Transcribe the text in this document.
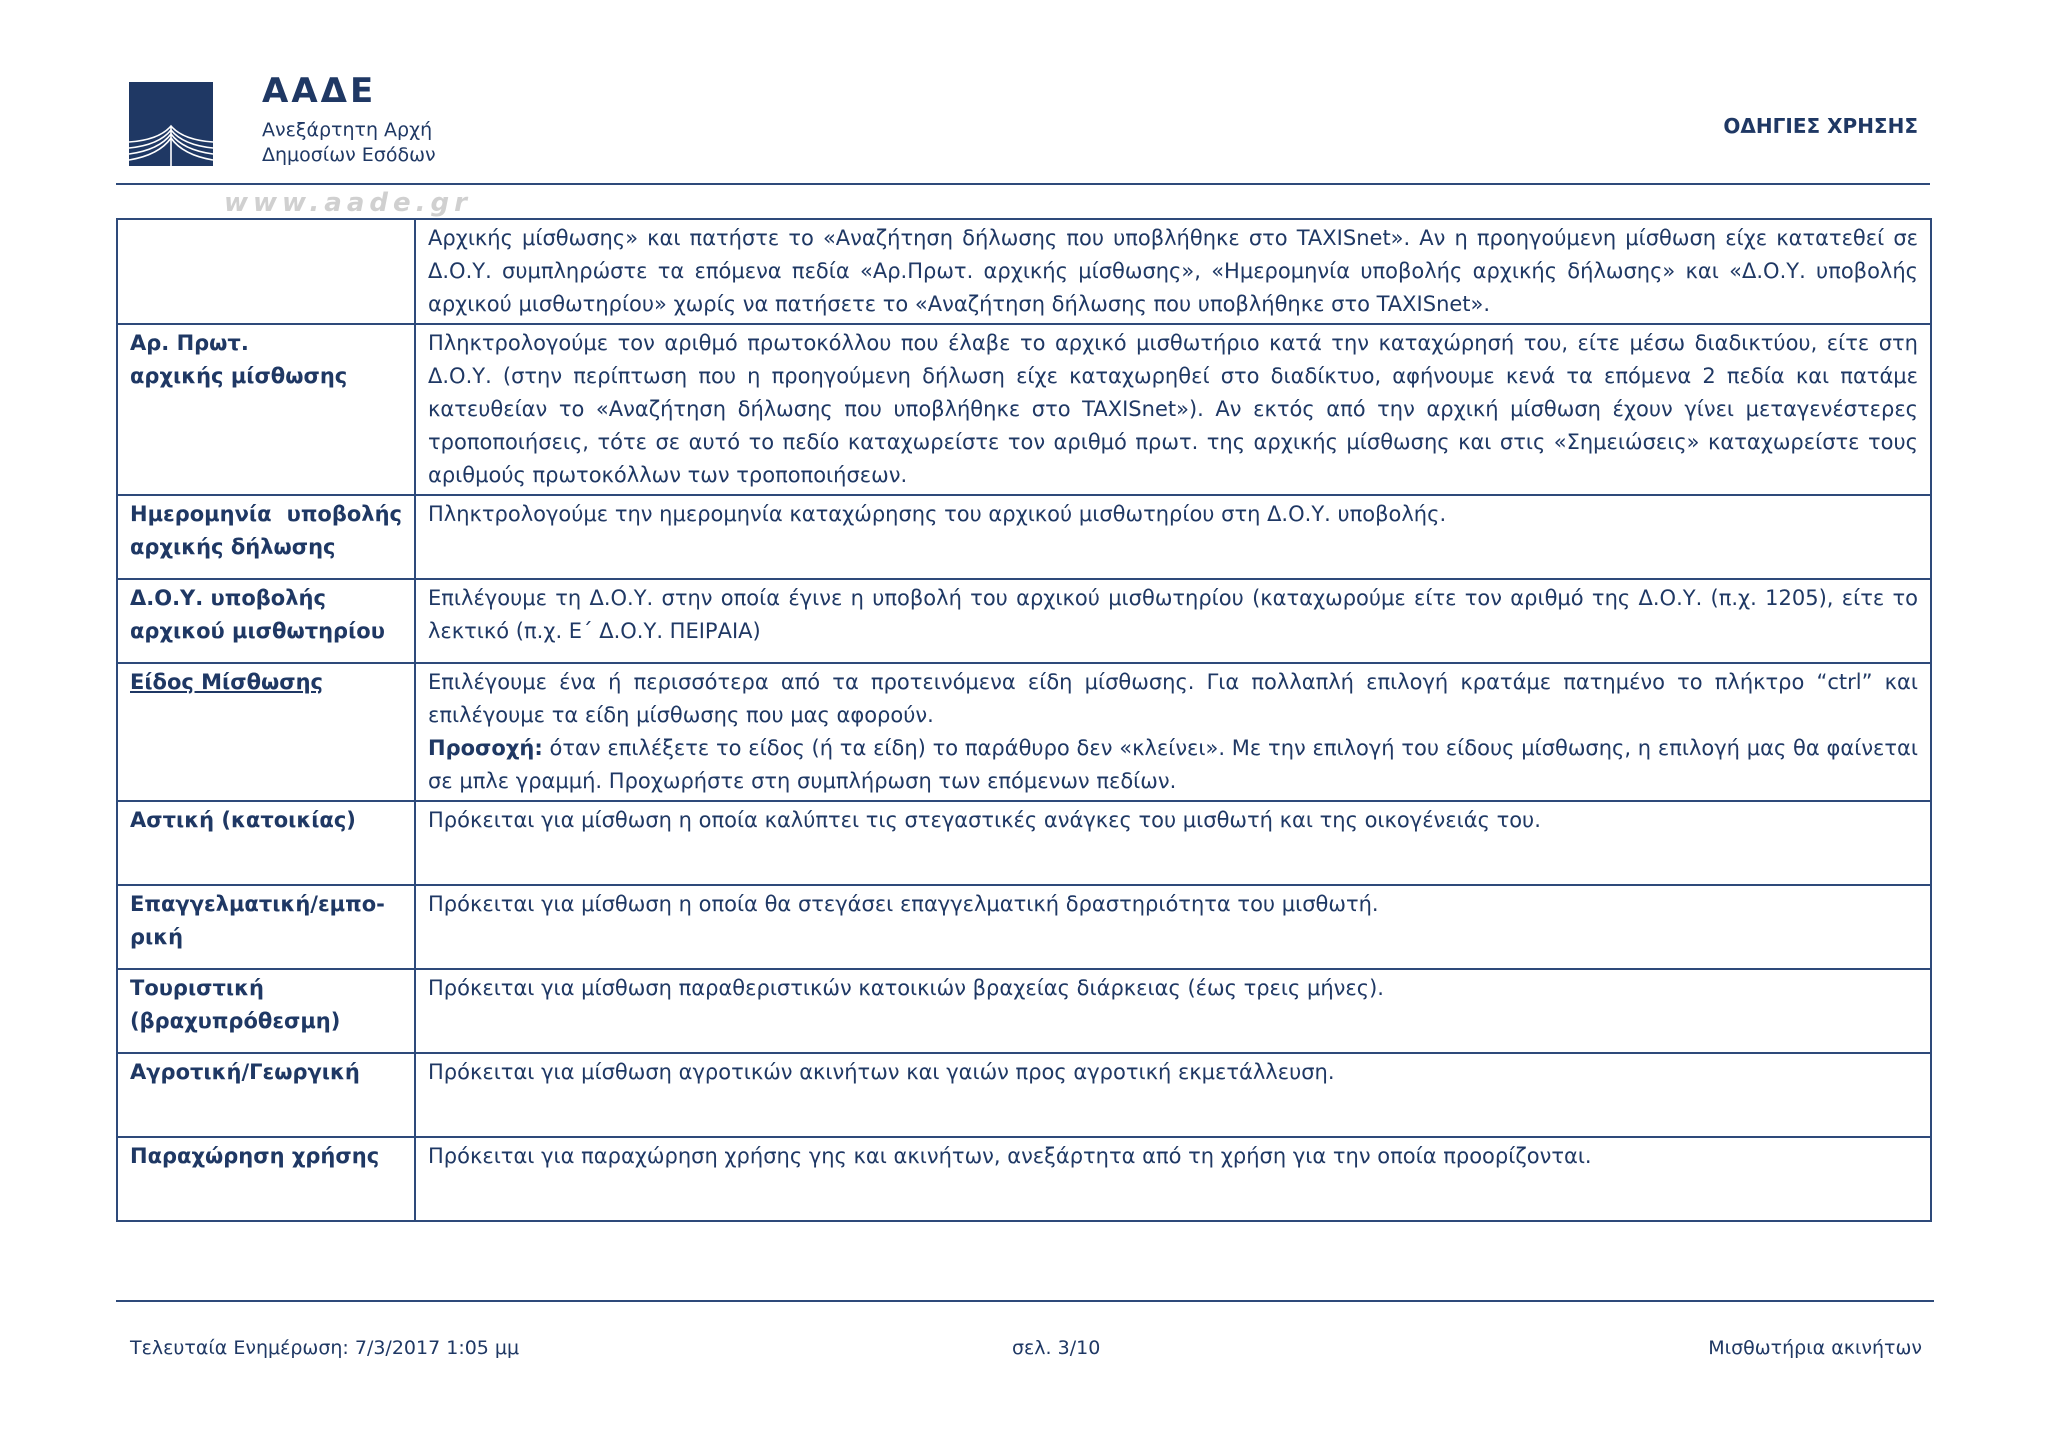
ΑΑΔΕ
Ανεξάρτητη Αρχή
Δημοσίων Εσόδων
ΟΔΗΓΙΕΣ ΧΡΗΣΗΣ
www.aade.gr
	Αρχικής μίσθωσης» και πατήστε το «Αναζήτηση δήλωσης που υποβλήθηκε στο TAXISnet». Αν η προηγούμενη μίσθωση είχε κατατεθεί σε Δ.Ο.Υ. συμπληρώστε τα επόμενα πεδία «Αρ.Πρωτ. αρχικής μίσθωσης», «Ημερομηνία υποβολής αρχικής δήλωσης» και «Δ.Ο.Υ. υποβολής αρχικού μισθωτηρίου» χωρίς να πατήσετε το «Αναζήτηση δήλωσης που υποβλήθηκε στο TAXISnet».
Αρ. Πρωτ.
αρχικής μίσθωσης	Πληκτρολογούμε τον αριθμό πρωτοκόλλου που έλαβε το αρχικό μισθωτήριο κατά την καταχώρησή του, είτε μέσω διαδικτύου, είτε στη Δ.Ο.Υ. (στην περίπτωση που η προηγούμενη δήλωση είχε καταχωρηθεί στο διαδίκτυο, αφήνουμε κενά τα επόμενα 2 πεδία και πατάμε κατευθείαν το «Αναζήτηση δήλωσης που υποβλήθηκε στο TAXISnet»). Αν εκτός από την αρχική μίσθωση έχουν γίνει μεταγενέστερες τροποποιήσεις, τότε σε αυτό το πεδίο καταχωρείστε τον αριθμό πρωτ. της αρχικής μίσθωσης και στις «Σημειώσεις» καταχωρείστε τους αριθμούς πρωτοκόλλων των τροποποιήσεων.
Ημερομηνία υποβολής αρχικής δήλωσης	Πληκτρολογούμε την ημερομηνία καταχώρησης του αρχικού μισθωτηρίου στη Δ.Ο.Υ. υποβολής.
Δ.Ο.Υ. υποβολής
αρχικού μισθωτηρίου	Επιλέγουμε τη Δ.Ο.Υ. στην οποία έγινε η υποβολή του αρχικού μισθωτηρίου (καταχωρούμε είτε τον αριθμό της Δ.Ο.Υ. (π.χ. 1205), είτε το λεκτικό (π.χ. Ε΄ Δ.Ο.Υ. ΠΕΙΡΑΙΑ)
Είδος Μίσθωσης	Επιλέγουμε ένα ή περισσότερα από τα προτεινόμενα είδη μίσθωσης. Για πολλαπλή επιλογή κρατάμε πατημένο το πλήκτρο “ctrl” και επιλέγουμε τα είδη μίσθωσης που μας αφορούν.
Προσοχή: όταν επιλέξετε το είδος (ή τα είδη) το παράθυρο δεν «κλείνει». Με την επιλογή του είδους μίσθωσης, η επιλογή μας θα φαίνεται σε μπλε γραμμή. Προχωρήστε στη συμπλήρωση των επόμενων πεδίων.
Αστική (κατοικίας)	Πρόκειται για μίσθωση η οποία καλύπτει τις στεγαστικές ανάγκες του μισθωτή και της οικογένειάς του.
Επαγγελματική/εμπο-
ρική	Πρόκειται για μίσθωση η οποία θα στεγάσει επαγγελματική δραστηριότητα του μισθωτή.
Τουριστική
(βραχυπρόθεσμη)	Πρόκειται για μίσθωση παραθεριστικών κατοικιών βραχείας διάρκειας (έως τρεις μήνες).
Αγροτική/Γεωργική	Πρόκειται για μίσθωση αγροτικών ακινήτων και γαιών προς αγροτική εκμετάλλευση.
Παραχώρηση χρήσης	Πρόκειται για παραχώρηση χρήσης γης και ακινήτων, ανεξάρτητα από τη χρήση για την οποία προορίζονται.
Τελευταία Ενημέρωση: 7/3/2017 1:05 μμ	σελ. 3/10	Μισθωτήρια ακινήτων
